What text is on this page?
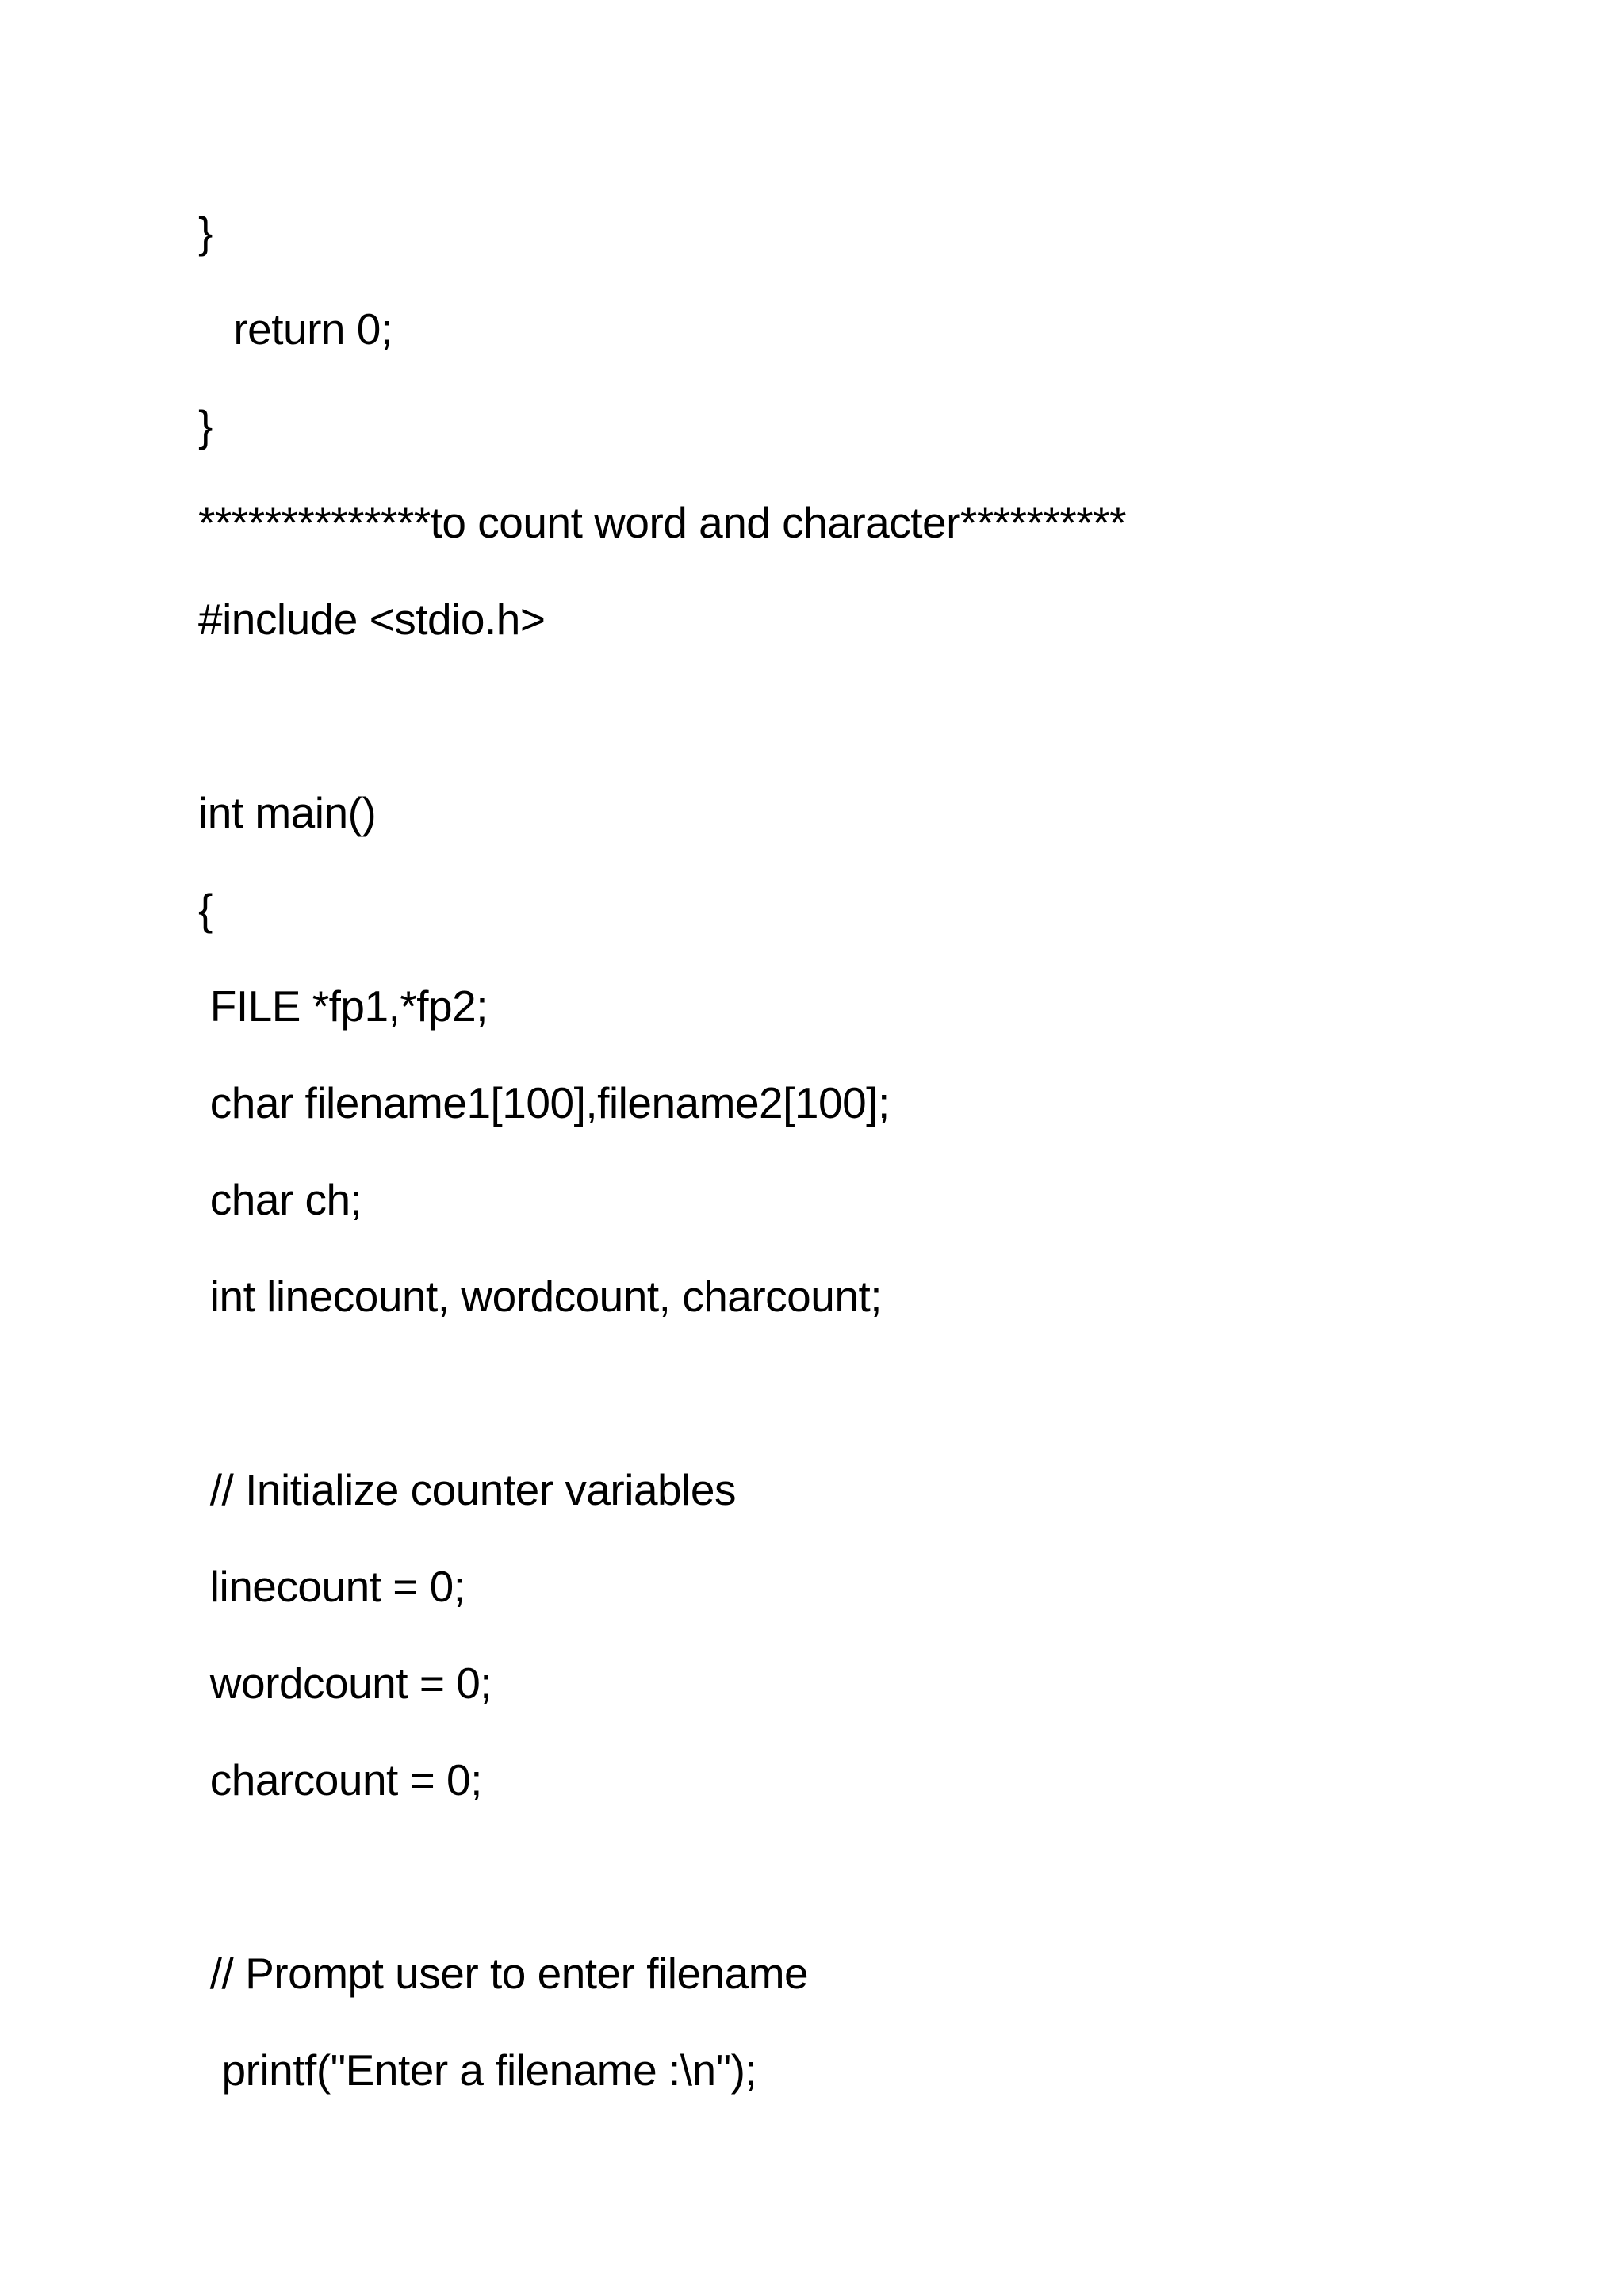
}
return 0;
}
**************to count word and character**********
#include <stdio.h>
int main()
{
FILE *fp1,*fp2;
char filename1[100],filename2[100];
char ch;
int linecount, wordcount, charcount;
// Initialize counter variables
linecount = 0;
wordcount = 0;
charcount = 0;
// Prompt user to enter filename
printf("Enter a filename :\n");
